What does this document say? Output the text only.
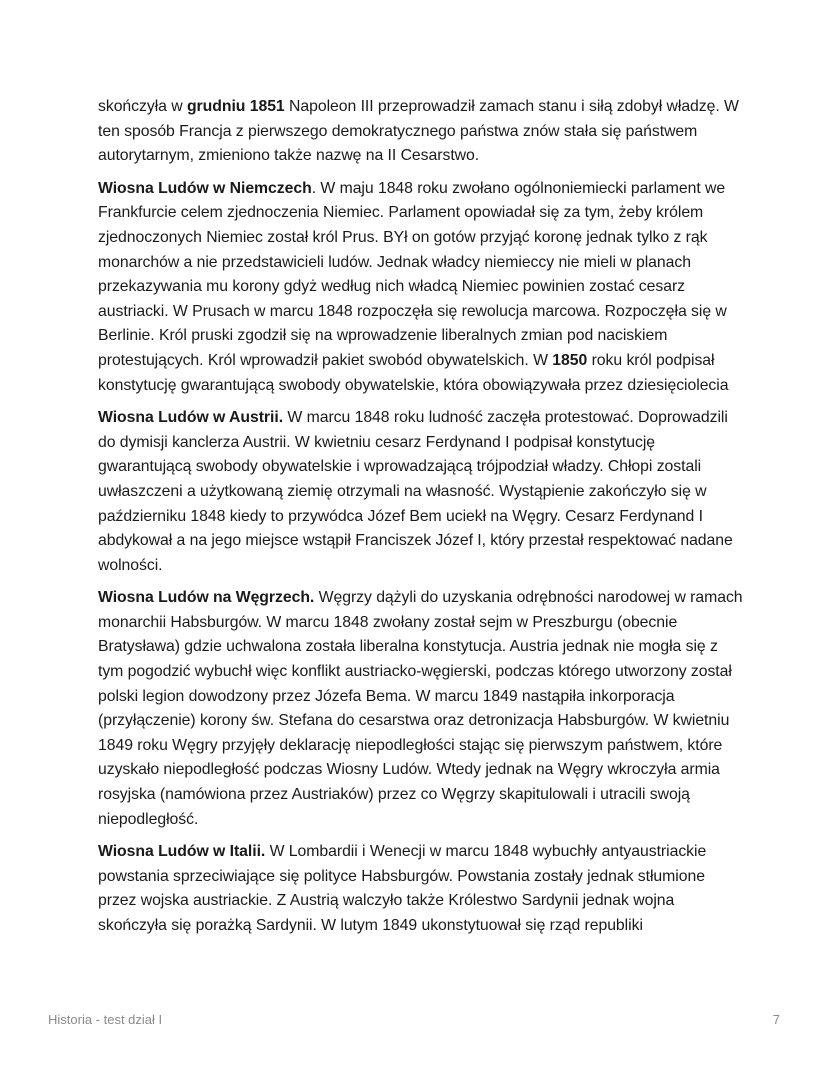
skończyła w grudniu 1851 Napoleon III przeprowadził zamach stanu i siłą zdobył władzę. W ten sposób Francja z pierwszego demokratycznego państwa znów stała się państwem autorytarnym, zmieniono także nazwę na II Cesarstwo.

Wiosna Ludów w Niemczech. W maju 1848 roku zwołano ogólnoniemiecki parlament we Frankfurcie celem zjednoczenia Niemiec. Parlament opowiadał się za tym, żeby królem zjednoczonych Niemiec został król Prus. BYł on gotów przyjąć koronę jednak tylko z rąk monarchów a nie przedstawicieli ludów. Jednak władcy niemieccy nie mieli w planach przekazywania mu korony gdyż według nich władcą Niemiec powinien zostać cesarz austriacki. W Prusach w marcu 1848 rozpoczęła się rewolucja marcowa. Rozpoczęła się w Berlinie. Król pruski zgodził się na wprowadzenie liberalnych zmian pod naciskiem protestujących. Król wprowadził pakiet swobód obywatelskich. W 1850 roku król podpisał konstytucję gwarantującą swobody obywatelskie, która obowiązywała przez dziesięciolecia

Wiosna Ludów w Austrii. W marcu 1848 roku ludność zaczęła protestować. Doprowadzili do dymisji kanclerza Austrii. W kwietniu cesarz Ferdynand I podpisał konstytucję gwarantującą swobody obywatelskie i wprowadzającą trójpodział władzy. Chłopi zostali uwłaszczeni a użytkowaną ziemię otrzymali na własność. Wystąpienie zakończyło się w październiku 1848 kiedy to przywódca Józef Bem uciekł na Węgry. Cesarz Ferdynand I abdykował a na jego miejsce wstąpił Franciszek Józef I, który przestał respektować nadane wolności.

Wiosna Ludów na Węgrzech. Węgrzy dążyli do uzyskania odrębności narodowej w ramach monarchii Habsburgów. W marcu 1848 zwołany został sejm w Preszburgu (obecnie Bratysława) gdzie uchwalona została liberalna konstytucja. Austria jednak nie mogła się z tym pogodzić wybuchł więc konflikt austriacko-węgierski, podczas którego utworzony został polski legion dowodzony przez Józefa Bema. W marcu 1849 nastąpiła inkorporacja (przyłączenie) korony św. Stefana do cesarstwa oraz detronizacja Habsburgów. W kwietniu 1849 roku Węgry przyjęły deklarację niepodległości stając się pierwszym państwem, które uzyskało niepodległość podczas Wiosny Ludów. Wtedy jednak na Węgry wkroczyła armia rosyjska (namówiona przez Austriaków) przez co Węgrzy skapitulowali i utracili swoją niepodległość.

Wiosna Ludów w Italii. W Lombardii i Wenecji w marcu 1848 wybuchły antyaustriackie powstania sprzeciwiające się polityce Habsburgów. Powstania zostały jednak stłumione przez wojska austriackie. Z Austrią walczyło także Królestwo Sardynii jednak wojna skończyła się porażką Sardynii. W lutym 1849 ukonstytuował się rząd republiki

Historia - test dział I	7
